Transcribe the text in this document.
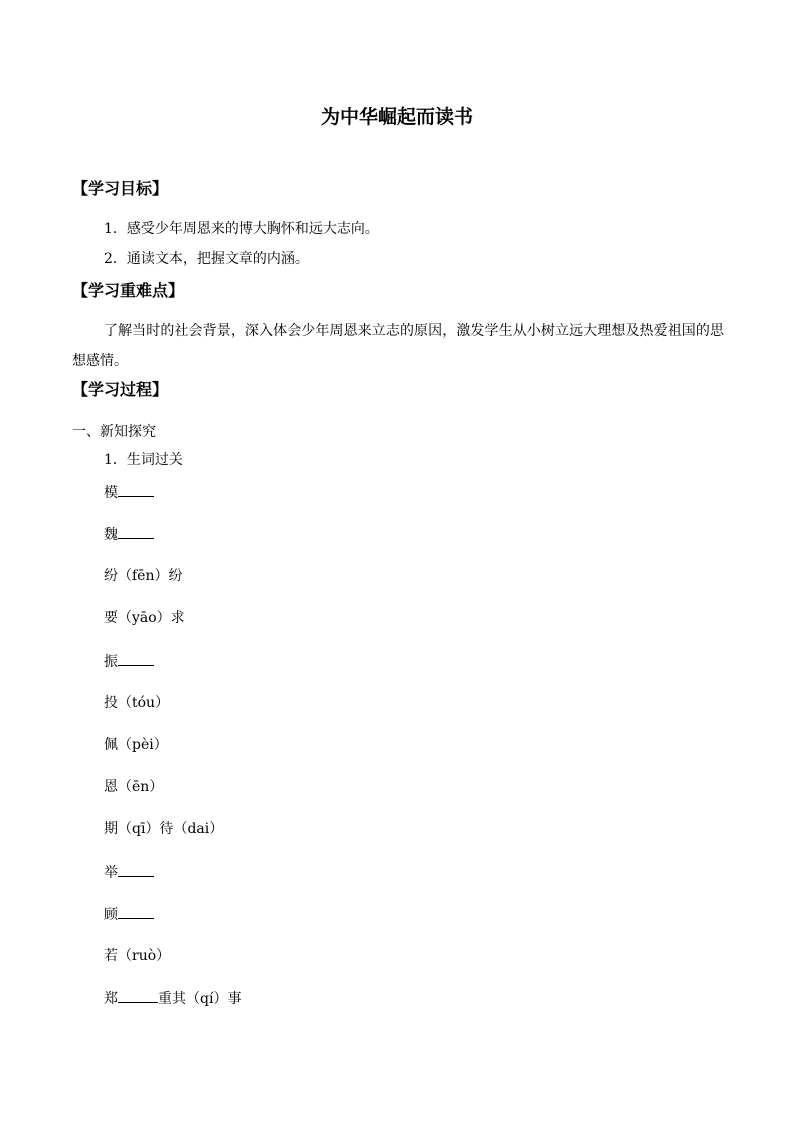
为中华崛起而读书
【学习目标】
1．感受少年周恩来的博大胸怀和远大志向。
2．通读文本，把握文章的内涵。
【学习重难点】
了解当时的社会背景，深入体会少年周恩来立志的原因，激发学生从小树立远大理想及热爱祖国的思想感情。
【学习过程】
一、新知探究
1．生词过关
模
魏
纷（fēn）纷
要（yāo）求
振
投（tóu）
佩（pèi）
恩（ēn）
期（qī）待（dai）
举
顾
若（ruò）
郑	重其（qí）事
